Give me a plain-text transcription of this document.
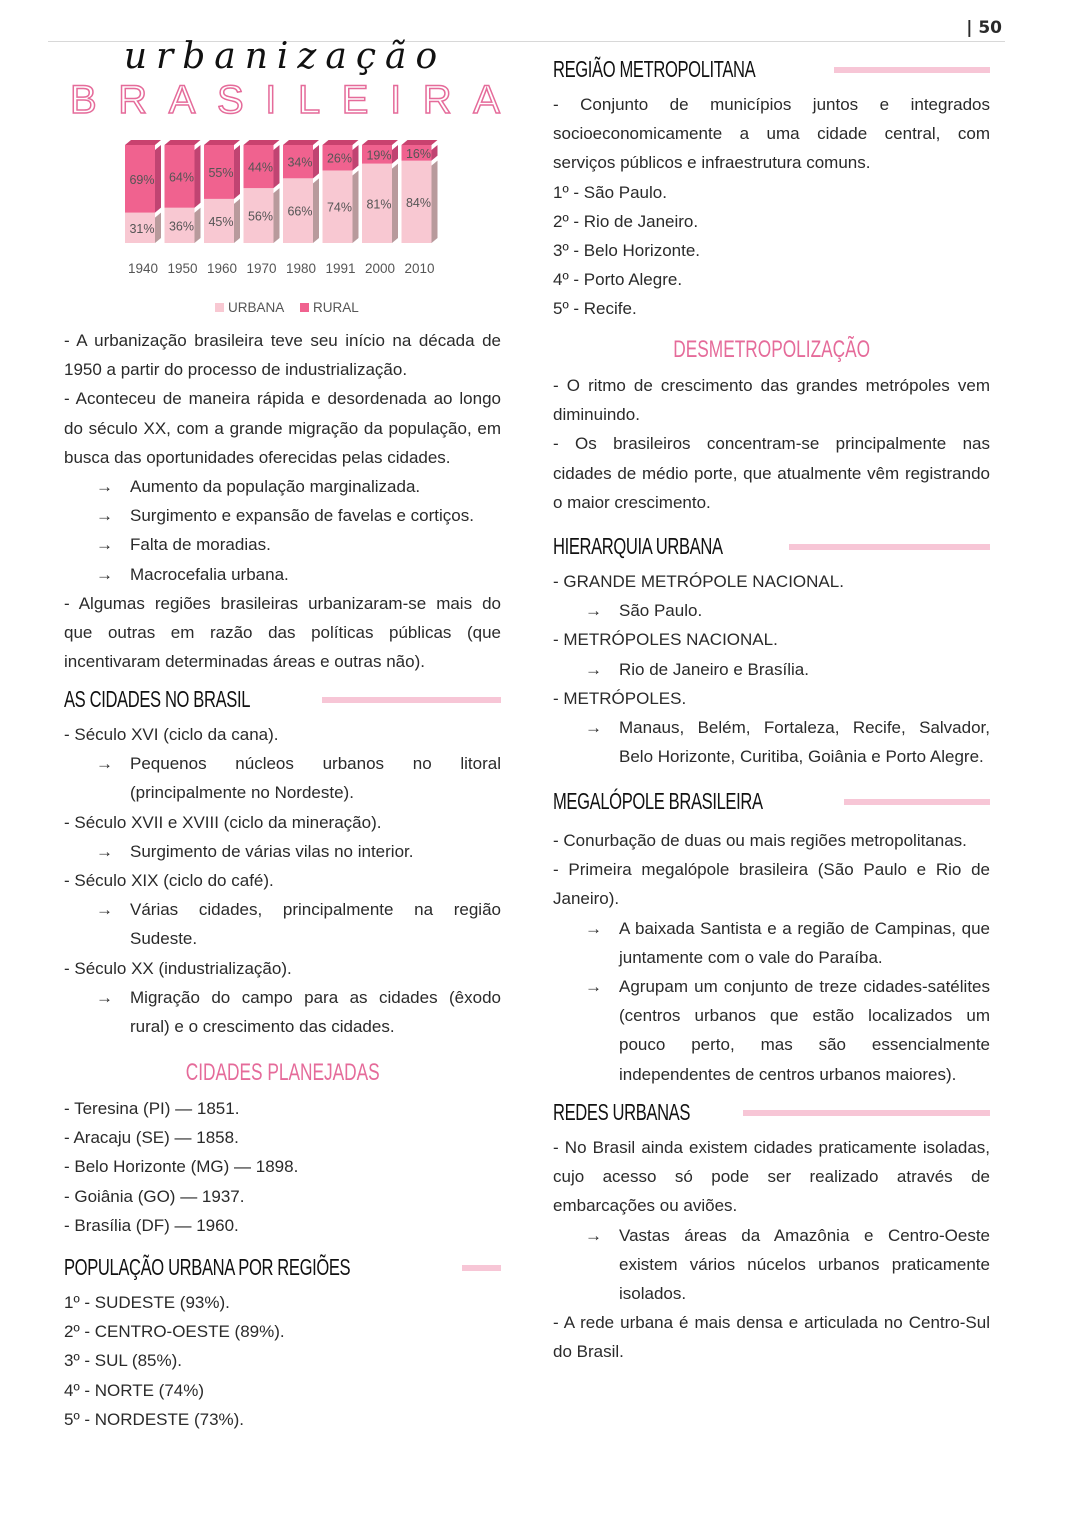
| 50
urbanização
B R A S I L E I R A
31%
69%
1940
36%
64%
1950
45%
55%
1960
56%
44%
1970
66%
34%
1980
74%
26%
1991
81%
19%
2000
84%
16%
2010
URBANA RURAL
- A urbanização brasileira teve seu início na década de 1950 a partir do processo de industrialização.
- Aconteceu de maneira rápida e desordenada ao longo do século XX, com a grande migração da população, em busca das oportunidades oferecidas pelas cidades.
→ Aumento da população marginalizada.
→ Surgimento e expansão de favelas e cortiços.
→ Falta de moradias.
→ Macrocefalia urbana.
- Algumas regiões brasileiras urbanizaram-se mais do que outras em razão das políticas públicas (que incentivaram determinadas áreas e outras não).
AS CIDADES NO BRASIL
- Século XVI (ciclo da cana).
→ Pequenos núcleos urbanos no litoral (principalmente no Nordeste).
- Século XVII e XVIII (ciclo da mineração).
→ Surgimento de várias vilas no interior.
- Século XIX (ciclo do café).
→ Várias cidades, principalmente na região Sudeste.
- Século XX (industrialização).
→ Migração do campo para as cidades (êxodo rural) e o crescimento das cidades.
CIDADES PLANEJADAS
- Teresina (PI) — 1851.
- Aracaju (SE) — 1858.
- Belo Horizonte (MG) — 1898.
- Goiânia (GO) — 1937.
- Brasília (DF) — 1960.
POPULAÇÃO URBANA POR REGIÕES
1º - SUDESTE (93%).
2º - CENTRO-OESTE (89%).
3º - SUL (85%).
4º - NORTE (74%)
5º - NORDESTE (73%).
REGIÃO METROPOLITANA
- Conjunto de municípios juntos e integrados socioeconomicamente a uma cidade central, com serviços públicos e infraestrutura comuns.
1º - São Paulo.
2º - Rio de Janeiro.
3º - Belo Horizonte.
4º - Porto Alegre.
5º - Recife.
DESMETROPOLIZAÇÃO
- O ritmo de crescimento das grandes metrópoles vem diminuindo.
- Os brasileiros concentram-se principalmente nas cidades de médio porte, que atualmente vêm registrando o maior crescimento.
HIERARQUIA URBANA
- GRANDE METRÓPOLE NACIONAL.
→ São Paulo.
- METRÓPOLES NACIONAL.
→ Rio de Janeiro e Brasília.
- METRÓPOLES.
→ Manaus, Belém, Fortaleza, Recife, Salvador, Belo Horizonte, Curitiba, Goiânia e Porto Alegre.
MEGALÓPOLE BRASILEIRA
- Conurbação de duas ou mais regiões metropolitanas.
- Primeira megalópole brasileira (São Paulo e Rio de Janeiro).
→ A baixada Santista e a região de Campinas, que juntamente com o vale do Paraíba.
→ Agrupam um conjunto de treze cidades-satélites (centros urbanos que estão localizados um pouco perto, mas são essencialmente independentes de centros urbanos maiores).
REDES URBANAS
- No Brasil ainda existem cidades praticamente isoladas, cujo acesso só pode ser realizado através de embarcações ou aviões.
→ Vastas áreas da Amazônia e Centro-Oeste existem vários núcelos urbanos praticamente isolados.
- A rede urbana é mais densa e articulada no Centro-Sul do Brasil.
